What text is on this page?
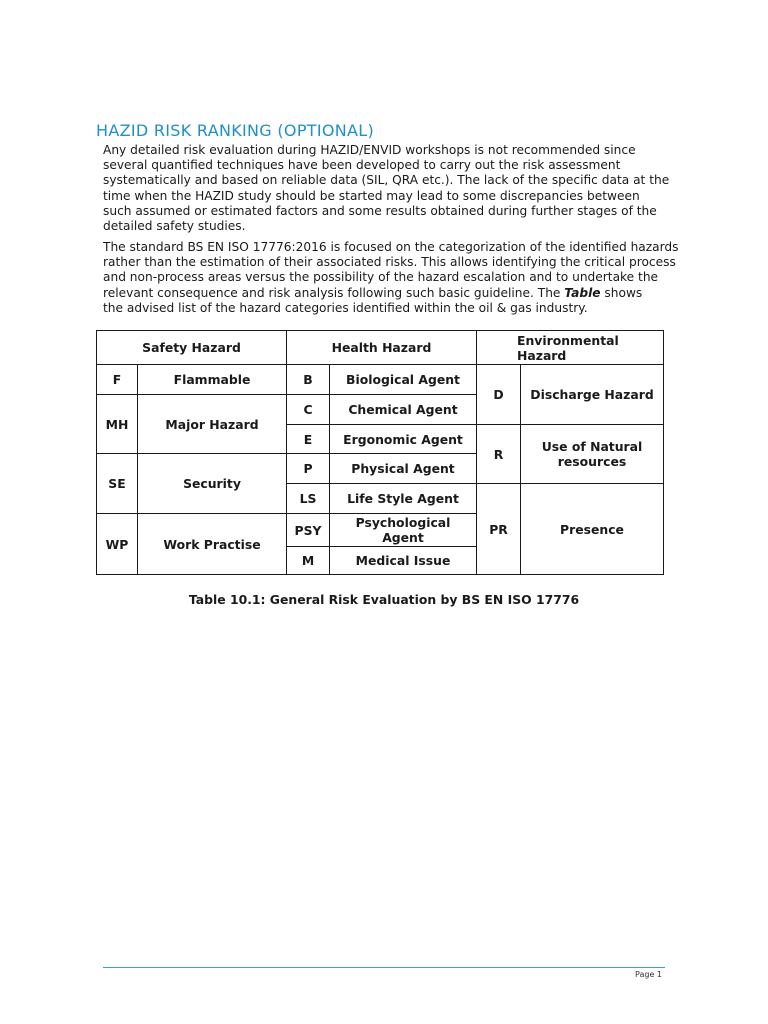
HAZID RISK RANKING (OPTIONAL)

Any detailed risk evaluation during HAZID/ENVID workshops is not recommended since

several quantified techniques have been developed to carry out the risk assessment

systematically and based on reliable data (SIL, QRA etc.). The lack of the specific data at the

time when the HAZID study should be started may lead to some discrepancies between

such assumed or estimated factors and some results obtained during further stages of the

detailed safety studies.

The standard BS EN ISO 17776:2016 is focused on the categorization of the identified hazards

rather than the estimation of their associated risks. This allows identifying the critical process

and non-process areas versus the possibility of the hazard escalation and to undertake the

relevant consequence and risk analysis following such basic guideline. The Table shows

the advised list of the hazard categories identified within the oil & gas industry.

Safety Hazard		Health Hazard		Environmental Hazard	
F	Flammable	B	Biological Agent	D	Discharge Hazard
MH	Major Hazard	C	Chemical Agent		
		E	Ergonomic Agent	R	Use of Natural resources
SE	Security	P	Physical Agent		
		LS	Life Style Agent	PR	Presence
WP	Work Practise	PSY	Psychological Agent		
		M	Medical Issue		
Table 10.1: General Risk Evaluation by BS EN ISO 17776
Page 1
